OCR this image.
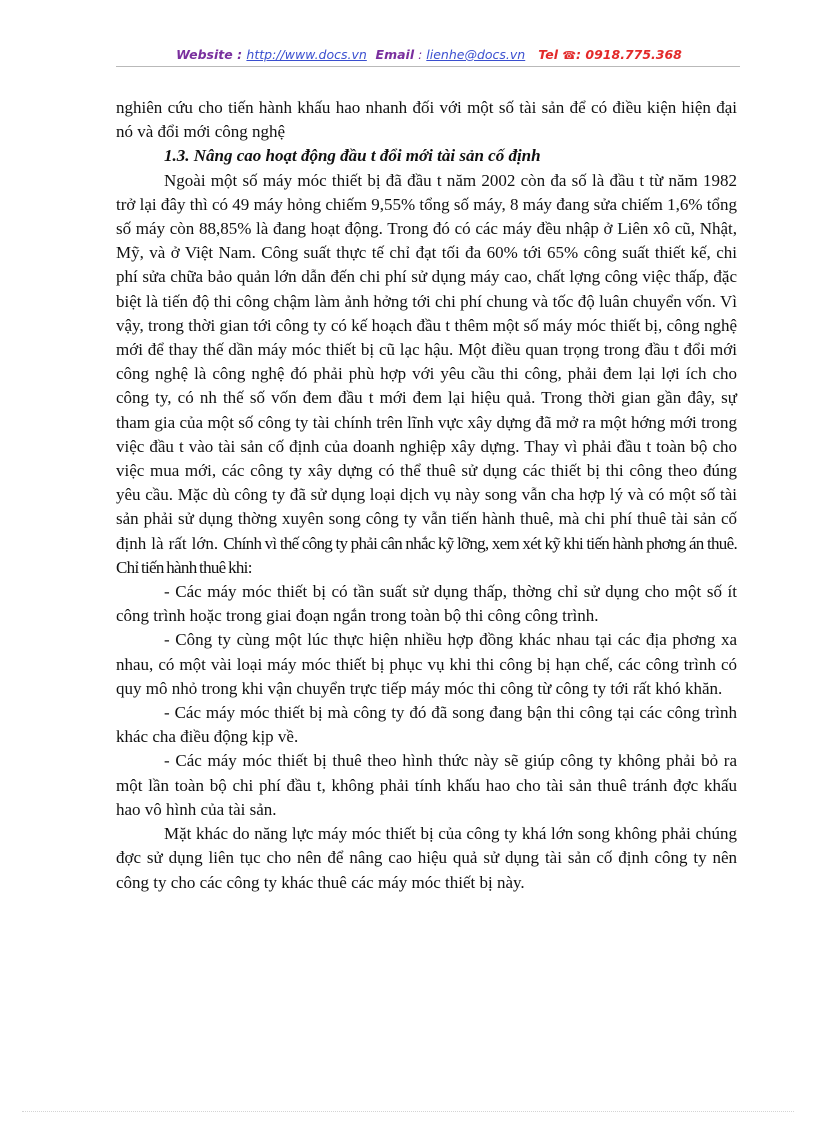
Website : http://www.docs.vn Email : lienhe@docs.vn Tel ☎: 0918.775.368

nghiên cứu cho tiến hành khấu hao nhanh đối với một số tài sản để có điều kiện hiện đại nó và đổi mới công nghệ

1.3. Nâng cao hoạt động đầu t đổi mới tài sản cố định

Ngoài một số máy móc thiết bị đã đầu t năm 2002 còn đa số là đầu t từ năm 1982 trở lại đây thì có 49 máy hỏng chiếm 9,55% tổng số máy, 8 máy đang sửa chiếm 1,6% tổng số máy còn 88,85% là đang hoạt động. Trong đó có các máy đều nhập ở Liên xô cũ, Nhật, Mỹ, và ở Việt Nam. Công suất thực tế chỉ đạt tối đa 60% tới 65% công suất thiết kế, chi phí sửa chữa bảo quản lớn dẫn đến chi phí sử dụng máy cao, chất lợng công việc thấp, đặc biệt là tiến độ thi công chậm làm ảnh hởng tới chi phí chung và tốc độ luân chuyển vốn. Vì vậy, trong thời gian tới công ty có kế hoạch đầu t thêm một số máy móc thiết bị, công nghệ mới để thay thế dần máy móc thiết bị cũ lạc hậu. Một điều quan trọng trong đầu t đổi mới công nghệ là công nghệ đó phải phù hợp với yêu cầu thi công, phải đem lại lợi ích cho công ty, có nh thế số vốn đem đầu t mới đem lại hiệu quả. Trong thời gian gần đây, sự tham gia của một số công ty tài chính trên lĩnh vực xây dựng đã mở ra một hớng mới trong việc đầu t vào tài sản cố định của doanh nghiệp xây dựng. Thay vì phải đầu t toàn bộ cho việc mua mới, các công ty xây dựng có thể thuê sử dụng các thiết bị thi công theo đúng yêu cầu. Mặc dù công ty đã sử dụng loại dịch vụ này song vẫn cha hợp lý và có một số tài sản phải sử dụng thờng xuyên song công ty vẫn tiến hành thuê, mà chi phí thuê tài sản cố định là rất lớn. Chính vì thế công ty phải cân nhắc kỹ lỡng, xem xét kỹ khi tiến hành phơng án thuê. Chỉ tiến hành thuê khi:

- Các máy móc thiết bị có tần suất sử dụng thấp, thờng chỉ sử dụng cho một số ít công trình hoặc trong giai đoạn ngắn trong toàn bộ thi công công trình.

- Công ty cùng một lúc thực hiện nhiều hợp đồng khác nhau tại các địa phơng xa nhau, có một vài loại máy móc thiết bị phục vụ khi thi công bị hạn chế, các công trình có quy mô nhỏ trong khi vận chuyển trực tiếp máy móc thi công từ công ty tới rất khó khăn.

- Các máy móc thiết bị mà công ty đó đã song đang bận thi công tại các công trình khác cha điều động kịp về.

- Các máy móc thiết bị thuê theo hình thức này sẽ giúp công ty không phải bỏ ra một lần toàn bộ chi phí đầu t, không phải tính khấu hao cho tài sản thuê tránh đợc khấu hao vô hình của tài sản.

Mặt khác do năng lực máy móc thiết bị của công ty khá lớn song không phải chúng đợc sử dụng liên tục cho nên để nâng cao hiệu quả sử dụng tài sản cố định công ty nên công ty cho các công ty khác thuê các máy móc thiết bị này.
